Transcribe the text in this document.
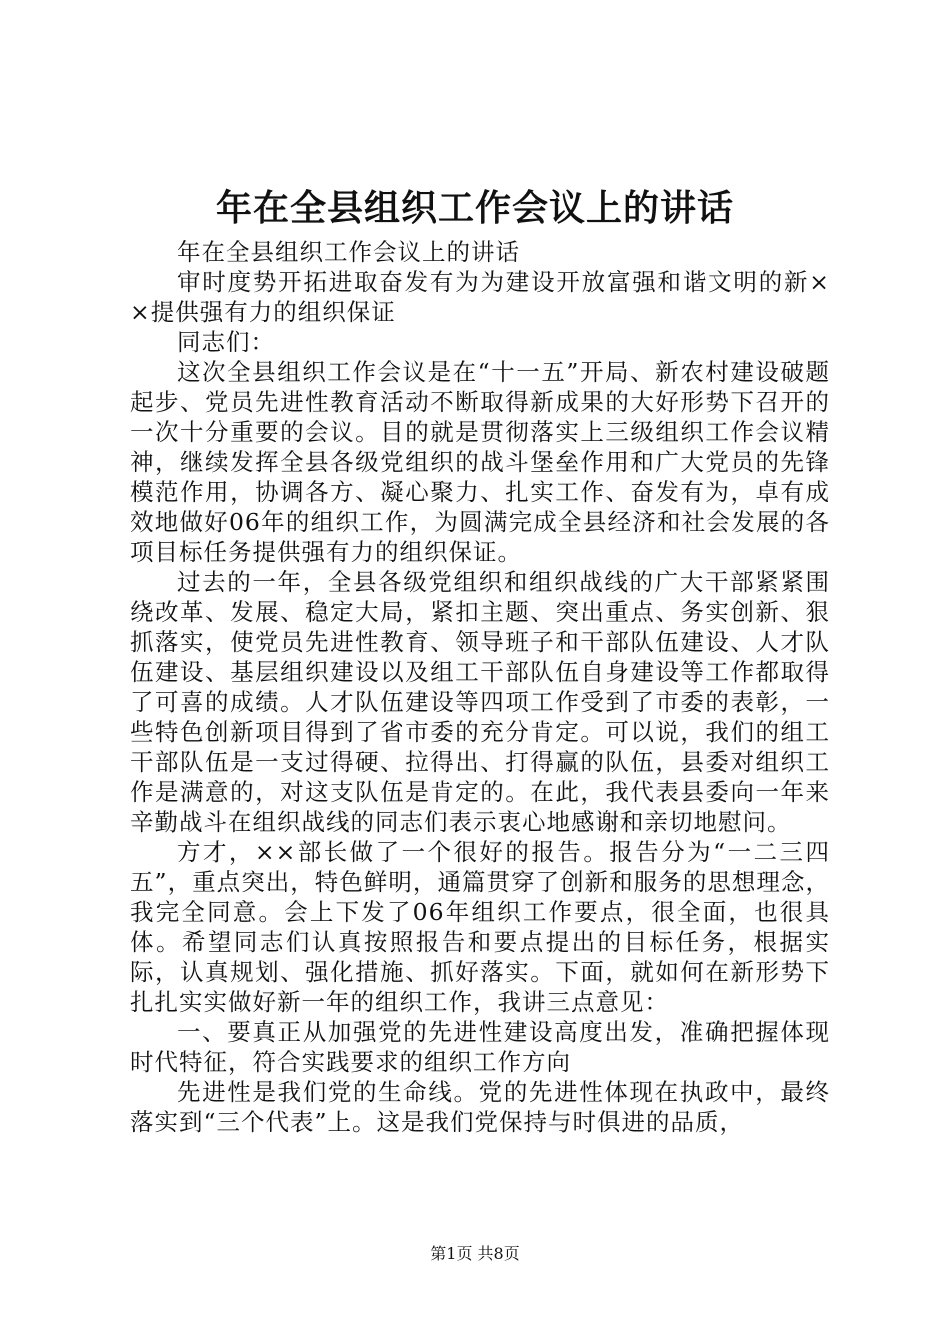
年在全县组织工作会议上的讲话

年在全县组织工作会议上的讲话

审时度势开拓进取奋发有为为建设开放富强和谐文明的新××提供强有力的组织保证

同志们：

这次全县组织工作会议是在“十一五”开局、新农村建设破题起步、党员先进性教育活动不断取得新成果的大好形势下召开的一次十分重要的会议。目的就是贯彻落实上三级组织工作会议精神，继续发挥全县各级党组织的战斗堡垒作用和广大党员的先锋模范作用，协调各方、凝心聚力、扎实工作、奋发有为，卓有成效地做好06年的组织工作，为圆满完成全县经济和社会发展的各项目标任务提供强有力的组织保证。

过去的一年，全县各级党组织和组织战线的广大干部紧紧围绕改革、发展、稳定大局，紧扣主题、突出重点、务实创新、狠抓落实，使党员先进性教育、领导班子和干部队伍建设、人才队伍建设、基层组织建设以及组工干部队伍自身建设等工作都取得了可喜的成绩。人才队伍建设等四项工作受到了市委的表彰，一些特色创新项目得到了省市委的充分肯定。可以说，我们的组工干部队伍是一支过得硬、拉得出、打得赢的队伍，县委对组织工作是满意的，对这支队伍是肯定的。在此，我代表县委向一年来辛勤战斗在组织战线的同志们表示衷心地感谢和亲切地慰问。

方才，××部长做了一个很好的报告。报告分为“一二三四五”，重点突出，特色鲜明，通篇贯穿了创新和服务的思想理念，我完全同意。会上下发了06年组织工作要点，很全面，也很具体。希望同志们认真按照报告和要点提出的目标任务，根据实际，认真规划、强化措施、抓好落实。下面，就如何在新形势下扎扎实实做好新一年的组织工作，我讲三点意见：

一、要真正从加强党的先进性建设高度出发，准确把握体现时代特征，符合实践要求的组织工作方向

先进性是我们党的生命线。党的先进性体现在执政中，最终落实到“三个代表”上。这是我们党保持与时俱进的品质，

第1页 共8页
